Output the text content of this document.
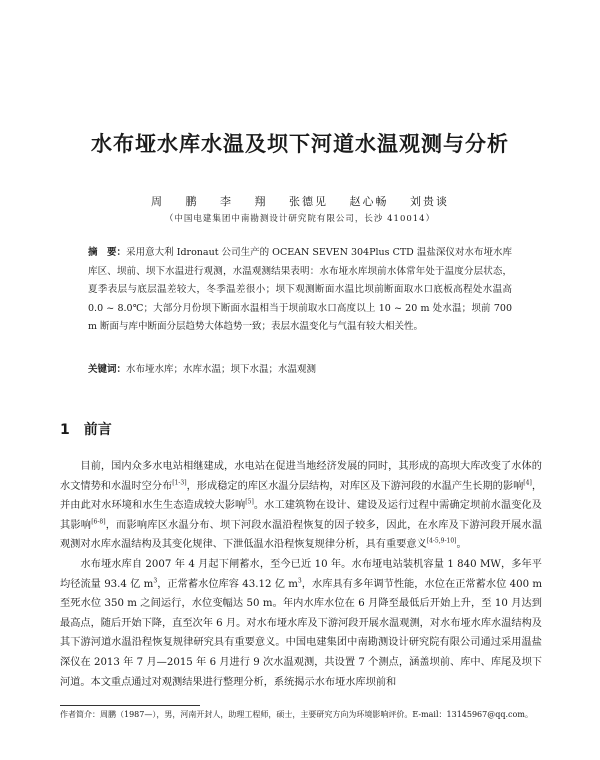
水布垭水库水温及坝下河道水温观测与分析
周 鹏 李 翔 张德见 赵心畅 刘贵谈
（中国电建集团中南勘测设计研究院有限公司，长沙 410014）
摘　要：采用意大利 Idronaut 公司生产的 OCEAN SEVEN 304Plus CTD 温盐深仪对水布垭水库库区、坝前、坝下水温进行观测，水温观测结果表明：水布垭水库坝前水体常年处于温度分层状态，夏季表层与底层温差较大，冬季温差很小；坝下观测断面水温比坝前断面取水口底板高程处水温高 0.0 ~ 8.0℃；大部分月份坝下断面水温相当于坝前取水口高度以上 10 ~ 20 m 处水温；坝前 700 m 断面与库中断面分层趋势大体趋势一致；表层水温变化与气温有较大相关性。
关键词：水布垭水库；水库水温；坝下水温；水温观测
1 前言

目前，国内众多水电站相继建成，水电站在促进当地经济发展的同时，其形成的高坝大库改变了水体的水文情势和水温时空分布[1-3]，形成稳定的库区水温分层结构，对库区及下游河段的水温产生长期的影响[4]，并由此对水环境和水生生态造成较大影响[5]。水工建筑物在设计、建设及运行过程中需确定坝前水温变化及其影响[6-8]，而影响库区水温分布、坝下河段水温沿程恢复的因子较多，因此，在水库及下游河段开展水温观测对水库水温结构及其变化规律、下泄低温水沿程恢复规律分析，具有重要意义[4-5,9-10]。

水布垭水库自 2007 年 4 月起下闸蓄水，至今已近 10 年。水布垭电站装机容量 1 840 MW，多年平均径流量 93.4 亿 $m^3$，正常蓄水位库容 43.12 亿 $m^3$，水库具有多年调节性能，水位在正常蓄水位 400 m 至死水位 350 m 之间运行，水位变幅达 50 m。年内水库水位在 6 月降至最低后开始上升，至 10 月达到最高点，随后开始下降，直至次年 6 月。对水布垭水库及下游河段开展水温观测，对水布垭水库水温结构及其下游河道水温沿程恢复规律研究具有重要意义。中国电建集团中南勘测设计研究院有限公司通过采用温盐深仪在 2013 年 7 月—2015 年 6 月进行 9 次水温观测，共设置 7 个测点，涵盖坝前、库中、库尾及坝下河道。本文重点通过对观测结果进行整理分析，系统揭示水布垭水库坝前和

作者简介：周鹏（1987—），男，河南开封人，助理工程师，硕士，主要研究方向为环境影响评价。E-mail：13145967@qq.com。
